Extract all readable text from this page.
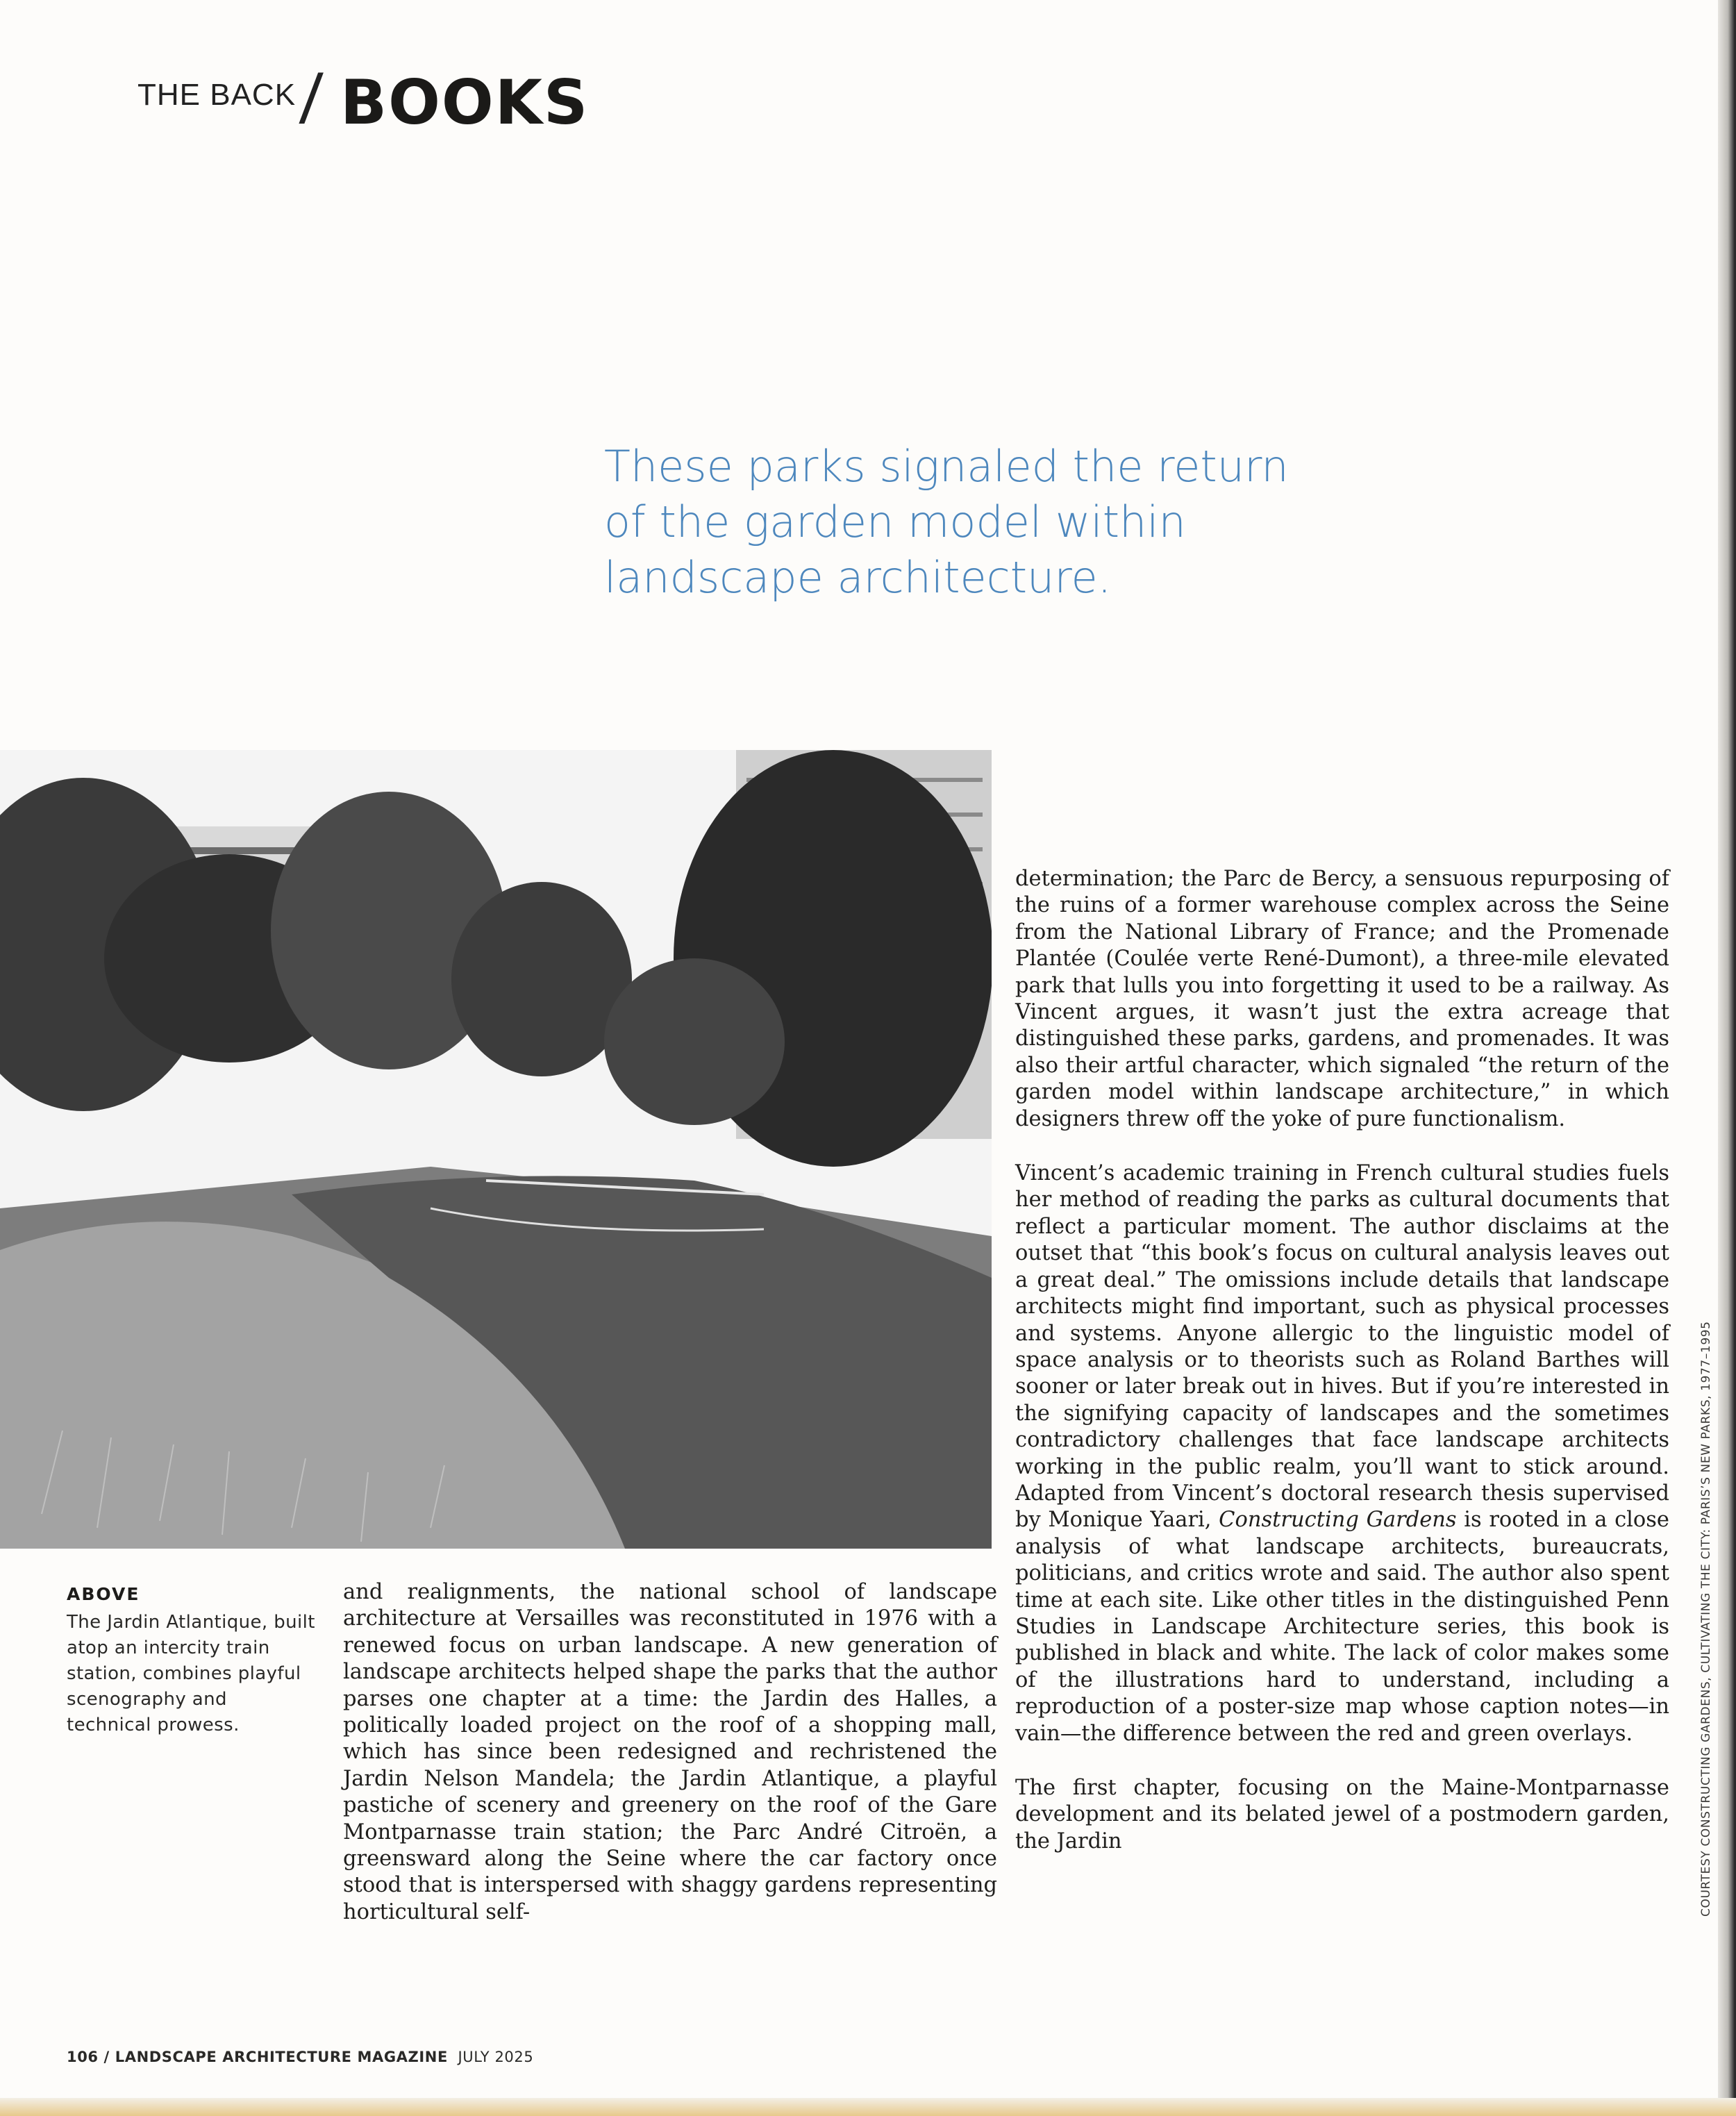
THE BACK / BOOKS
These parks signaled the return
of the garden model within
landscape architecture.
ABOVE
The Jardin Atlantique, built atop an intercity train station, combines playful scenography and technical prowess.

and realignments, the national school of landscape architecture at Versailles was reconstituted in 1976 with a renewed focus on urban landscape. A new generation of landscape architects helped shape the parks that the author parses one chapter at a time: the Jardin des Halles, a politically loaded project on the roof of a shopping mall, which has since been redesigned and rechristened the Jardin Nelson Mandela; the Jardin Atlantique, a playful pastiche of scenery and greenery on the roof of the Gare Montparnasse train station; the Parc André Citroën, a greensward along the Seine where the car factory once stood that is interspersed with shaggy gardens representing horticultural self-

determination; the Parc de Bercy, a sensuous repurposing of the ruins of a former warehouse complex across the Seine from the National Library of France; and the Promenade Plantée (Coulée verte René-Dumont), a three-mile elevated park that lulls you into forgetting it used to be a railway. As Vincent argues, it wasn’t just the extra acreage that distinguished these parks, gardens, and promenades. It was also their artful character, which signaled “the return of the garden model within landscape architecture,” in which designers threw off the yoke of pure functionalism.

Vincent’s academic training in French cultural studies fuels her method of reading the parks as cultural documents that reflect a particular moment. The author disclaims at the outset that “this book’s focus on cultural analysis leaves out a great deal.” The omissions include details that landscape architects might find important, such as physical processes and systems. Anyone allergic to the linguistic model of space analysis or to theorists such as Roland Barthes will sooner or later break out in hives. But if you’re interested in the signifying capacity of landscapes and the sometimes contradictory challenges that face landscape architects working in the public realm, you’ll want to stick around. Adapted from Vincent’s doctoral research thesis supervised by Monique Yaari, Constructing Gardens is rooted in a close analysis of what landscape architects, bureaucrats, politicians, and critics wrote and said. The author also spent time at each site. Like other titles in the distinguished Penn Studies in Landscape Architecture series, this book is published in black and white. The lack of color makes some of the illustrations hard to understand, including a reproduction of a poster-size map whose caption notes—in vain—the difference between the red and green overlays.

The first chapter, focusing on the Maine-Montparnasse development and its belated jewel of a postmodern garden, the Jardin	COURTESY CONSTRUCTING GARDENS, CULTIVATING THE CITY: PARIS’S NEW PARKS, 1977–1995
106 / LANDSCAPE ARCHITECTURE MAGAZINE JULY 2025
